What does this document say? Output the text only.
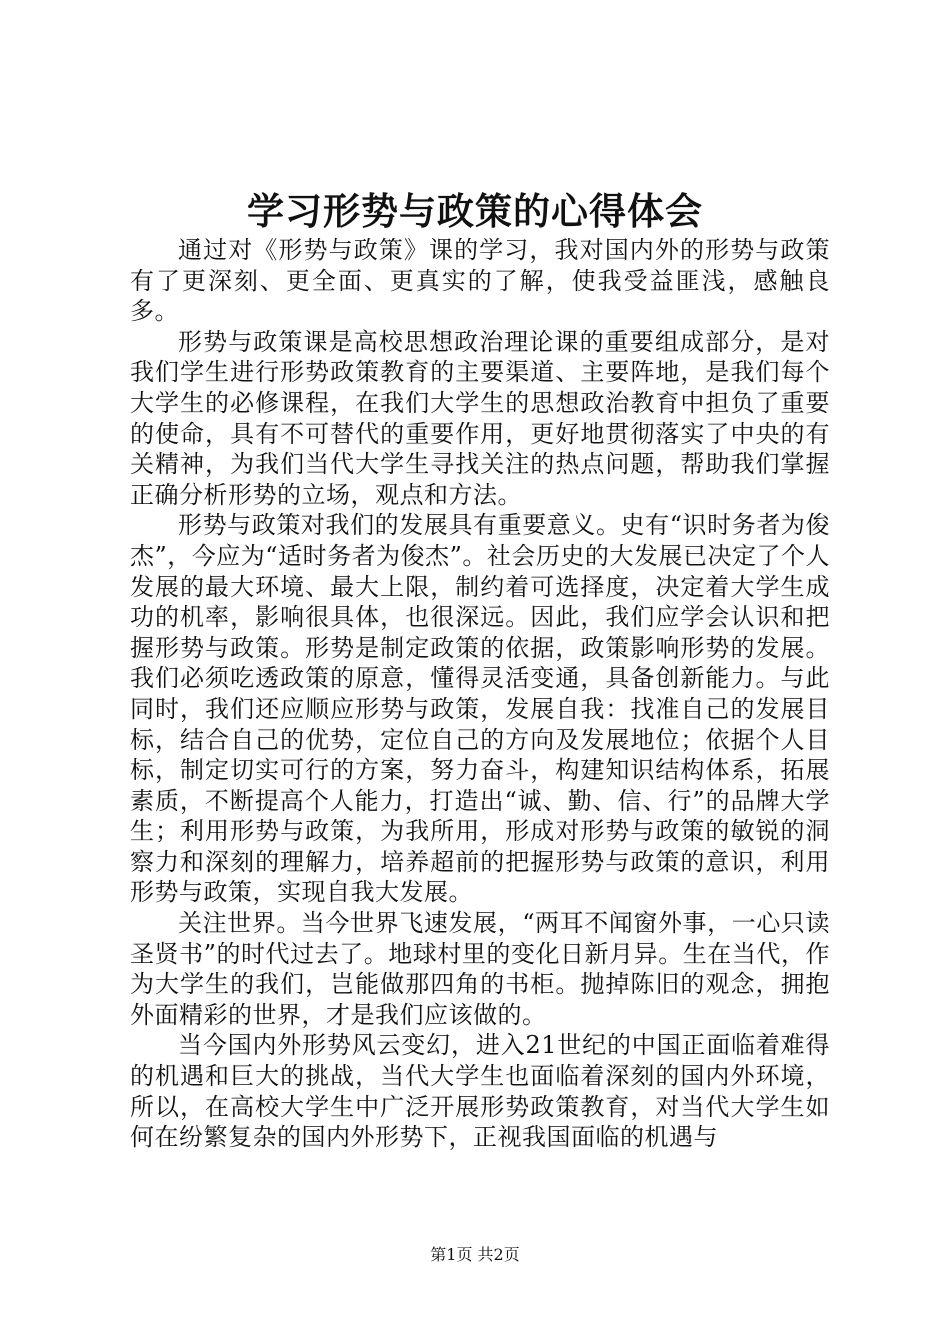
学习形势与政策的心得体会

通过对《形势与政策》课的学习，我对国内外的形势与政策有了更深刻、更全面、更真实的了解，使我受益匪浅，感触良多。

形势与政策课是高校思想政治理论课的重要组成部分，是对我们学生进行形势政策教育的主要渠道、主要阵地，是我们每个大学生的必修课程，在我们大学生的思想政治教育中担负了重要的使命，具有不可替代的重要作用，更好地贯彻落实了中央的有关精神，为我们当代大学生寻找关注的热点问题，帮助我们掌握正确分析形势的立场，观点和方法。

形势与政策对我们的发展具有重要意义。史有“识时务者为俊杰”，今应为“适时务者为俊杰”。社会历史的大发展已决定了个人发展的最大环境、最大上限，制约着可选择度，决定着大学生成功的机率，影响很具体，也很深远。因此，我们应学会认识和把握形势与政策。形势是制定政策的依据，政策影响形势的发展。我们必须吃透政策的原意，懂得灵活变通，具备创新能力。与此同时，我们还应顺应形势与政策，发展自我：找准自己的发展目标，结合自己的优势，定位自己的方向及发展地位；依据个人目标，制定切实可行的方案，努力奋斗，构建知识结构体系，拓展素质，不断提高个人能力，打造出“诚、勤、信、行”的品牌大学生；利用形势与政策，为我所用，形成对形势与政策的敏锐的洞察力和深刻的理解力，培养超前的把握形势与政策的意识，利用形势与政策，实现自我大发展。

关注世界。当今世界飞速发展，“两耳不闻窗外事，一心只读圣贤书”的时代过去了。地球村里的变化日新月异。生在当代，作为大学生的我们，岂能做那四角的书柜。抛掉陈旧的观念，拥抱外面精彩的世界，才是我们应该做的。

当今国内外形势风云变幻，进入21世纪的中国正面临着难得的机遇和巨大的挑战，当代大学生也面临着深刻的国内外环境，所以，在高校大学生中广泛开展形势政策教育，对当代大学生如何在纷繁复杂的国内外形势下，正视我国面临的机遇与

第1页 共2页
